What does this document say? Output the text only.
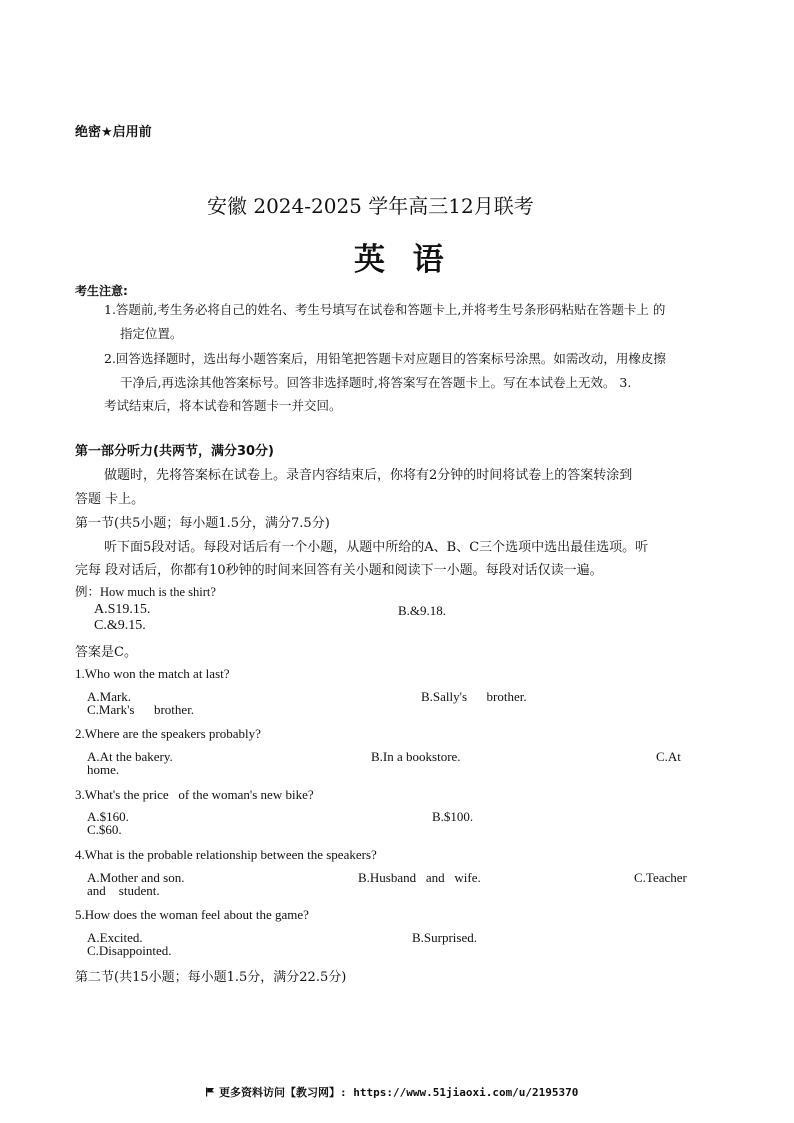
绝密★启用前
安徽 2024-2025 学年高三12月联考
英  语
考生注意:
1.答题前,考生务必将自己的姓名、考生号填写在试卷和答题卡上,并将考生号条形码粘贴在答题卡上 的
指定位置。
2.回答选择题时，选出每小题答案后，用铅笔把答题卡对应题目的答案标号涂黑。如需改动，用橡皮擦
干净后,再选涂其他答案标号。回答非选择题时,将答案写在答题卡上。写在本试卷上无效。 3.
考试结束后，将本试卷和答题卡一并交回。
第一部分听力(共两节，满分30分)
做题时，先将答案标在试卷上。录音内容结束后，你将有2分钟的时间将试卷上的答案转涂到
答题 卡上。
第一节(共5小题；每小题1.5分，满分7.5分)
听下面5段对话。每段对话后有一个小题，从题中所给的A、B、C三个选项中选出最佳选项。听
完每 段对话后，你都有10秒钟的时间来回答有关小题和阅读下一小题。每段对话仅读一遍。
例：How much is the shirt?
A.S19.15.	B.&9.18.
C.&9.15.
答案是C。
1.Who won the match at last?
A.Mark.	B.Sally's      brother.
C.Mark's      brother.
2.Where are the speakers probably?
A.At the bakery.	B.In a bookstore.	C.At
home.
3.What's the price   of the woman's new bike?
A.$160.	B.$100.
C.$60.
4.What is the probable relationship between the speakers?
A.Mother and son.	B.Husband   and   wife.	C.Teacher
and    student.
5.How does the woman feel about the game?
A.Excited.	B.Surprised.
C.Disappointed.
第二节(共15小题；每小题1.5分，满分22.5分)
更多资料访问【教习网】: https://www.51jiaoxi.com/u/2195370
